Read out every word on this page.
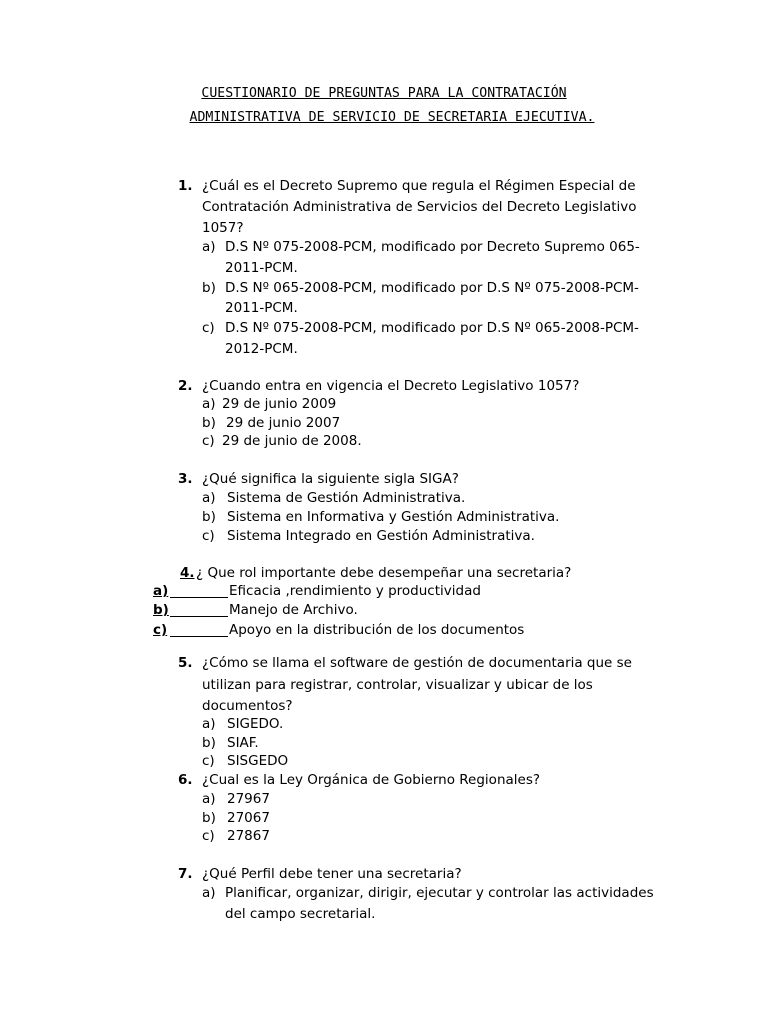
CUESTIONARIO DE PREGUNTAS PARA LA CONTRATACIÓN
ADMINISTRATIVA DE SERVICIO DE SECRETARIA EJECUTIVA.
1. ¿Cuál es el Decreto Supremo que regula el Régimen Especial de
Contratación Administrativa de Servicios del Decreto Legislativo
1057?
a) D.S Nº 075-2008-PCM, modificado por Decreto Supremo 065-
2011-PCM.
b) D.S Nº 065-2008-PCM, modificado por D.S Nº 075-2008-PCM-
2011-PCM.
c) D.S Nº 075-2008-PCM, modificado por D.S Nº 065-2008-PCM-
2012-PCM.
2. ¿Cuando entra en vigencia el Decreto Legislativo 1057?
a) 29 de junio 2009
b) 29 de junio 2007
c) 29 de junio de 2008.
3. ¿Qué significa la siguiente sigla SIGA?
a) Sistema de Gestión Administrativa.
b) Sistema en Informativa y Gestión Administrativa.
c) Sistema Integrado en Gestión Administrativa.
4. ¿ Que rol importante debe desempeñar una secretaria?
a)	Eficacia ,rendimiento y productividad
b)	Manejo de Archivo.
c)	Apoyo en la distribución de los documentos
5. ¿Cómo se llama el software de gestión de documentaria que se
utilizan para registrar, controlar, visualizar y ubicar de los
documentos?
a) SIGEDO.
b) SIAF.
c) SISGEDO
6. ¿Cual es la Ley Orgánica de Gobierno Regionales?
a) 27967
b) 27067
c) 27867
7. ¿Qué Perfil debe tener una secretaria?
a) Planificar, organizar, dirigir, ejecutar y controlar las actividades
del campo secretarial.
